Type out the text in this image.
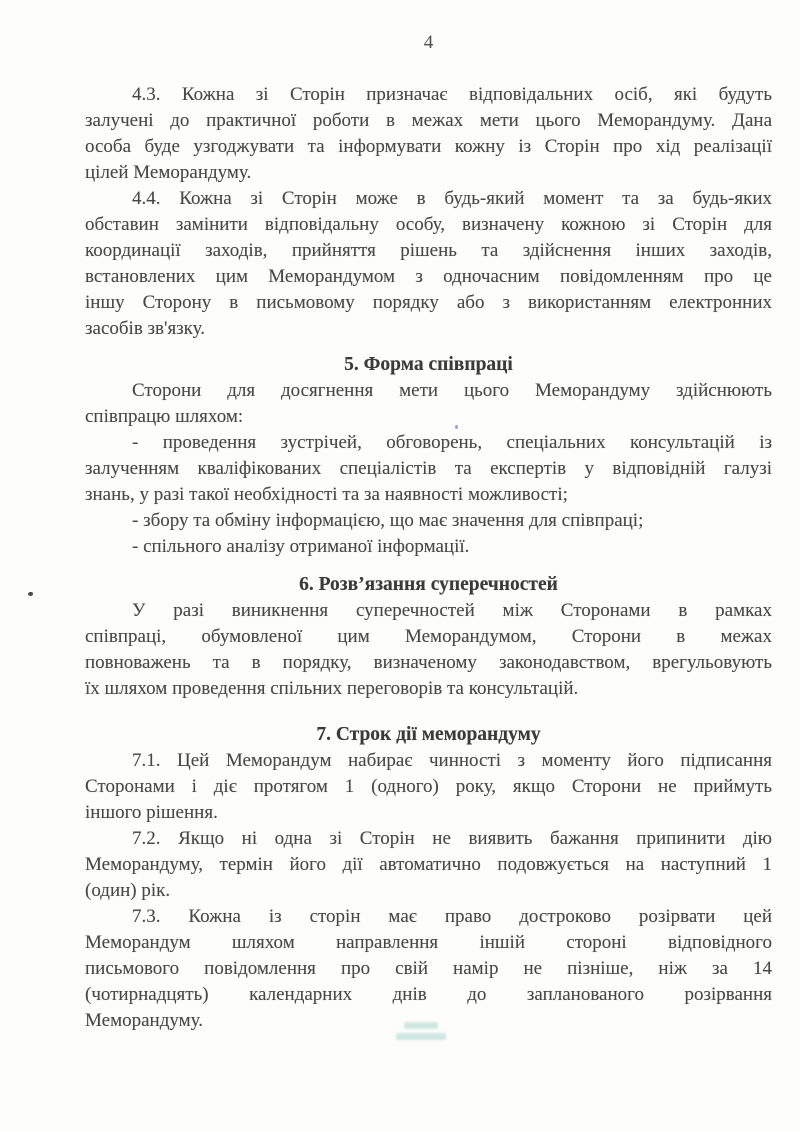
4
4.3. Кожна зі Сторін призначає відповідальних осіб, які будуть
залучені до практичної роботи в межах мети цього Меморандуму. Дана
особа буде узгоджувати та інформувати кожну із Сторін про хід реалізації
цілей Меморандуму.
4.4. Кожна зі Сторін може в будь-який момент та за будь-яких
обставин замінити відповідальну особу, визначену кожною зі Сторін для
координації заходів, прийняття рішень та здійснення інших заходів,
встановлених цим Меморандумом з одночасним повідомленням про це
іншу Сторону в письмовому порядку або з використанням електронних
засобів зв'язку.
5. Форма співпраці
Сторони для досягнення мети цього Меморандуму здійснюють
співпрацю шляхом:
- проведення зустрічей, обговорень, спеціальних консультацій із
залученням кваліфікованих спеціалістів та експертів у відповідній галузі
знань, у разі такої необхідності та за наявності можливості;
- збору та обміну інформацією, що має значення для співпраці;
- спільного аналізу отриманої інформації.
6. Розв’язання суперечностей
У разі виникнення суперечностей між Сторонами в рамках
співпраці, обумовленої цим Меморандумом, Сторони в межах
повноважень та в порядку, визначеному законодавством, врегульовують
їх шляхом проведення спільних переговорів та консультацій.
7. Строк дії меморандуму
7.1. Цей Меморандум набирає чинності з моменту його підписання
Сторонами і діє протягом 1 (одного) року, якщо Сторони не приймуть
іншого рішення.
7.2. Якщо ні одна зі Сторін не виявить бажання припинити дію
Меморандуму, термін його дії автоматично подовжується на наступний 1
(один) рік.
7.3. Кожна із сторін має право достроково розірвати цей
Меморандум шляхом направлення іншій стороні відповідного
письмового повідомлення про свій намір не пізніше, ніж за 14
(чотирнадцять) календарних днів до запланованого розірвання
Меморандуму.
